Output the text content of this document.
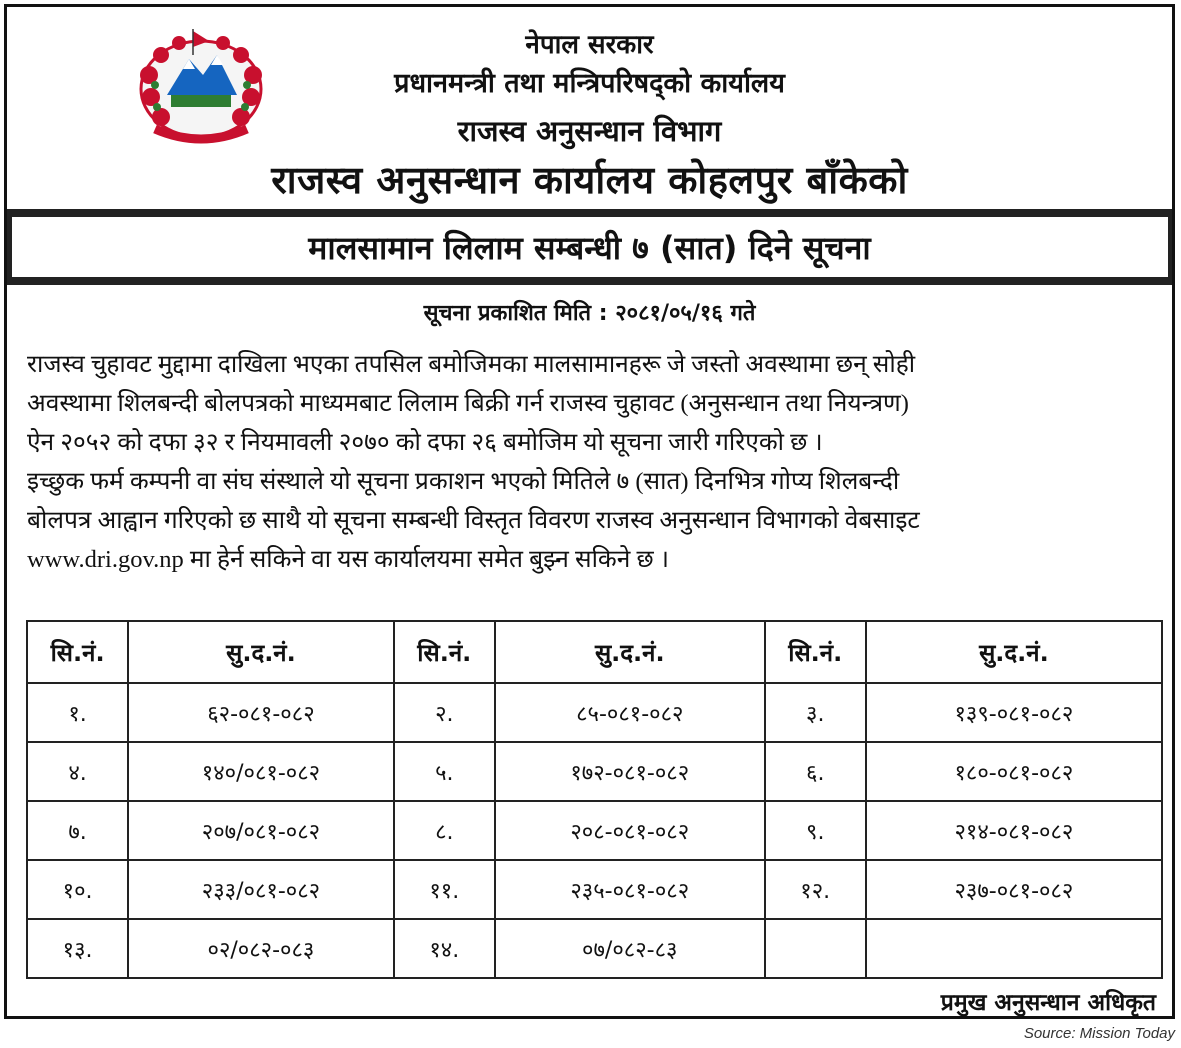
नेपाल सरकार
प्रधानमन्त्री तथा मन्त्रिपरिषद्को कार्यालय
राजस्व अनुसन्धान विभाग
राजस्व अनुसन्धान कार्यालय कोहलपुर बाँकेको
मालसामान लिलाम सम्बन्धी ७ (सात) दिने सूचना
सूचना प्रकाशित मिति : २०८१/०५/१६ गते

राजस्व चुहावट मुद्दामा दाखिला भएका तपसिल बमोजिमका मालसामानहरू जे जस्तो अवस्थामा छन् सोही

अवस्थामा शिलबन्दी बोलपत्रको माध्यमबाट लिलाम बिक्री गर्न राजस्व चुहावट (अनुसन्धान तथा नियन्त्रण)

ऐन २०५२ को दफा ३२ र नियमावली २०७० को दफा २६ बमोजिम यो सूचना जारी गरिएको छ ।

इच्छुक फर्म कम्पनी वा संघ संस्थाले यो सूचना प्रकाशन भएको मितिले ७ (सात) दिनभित्र गोप्य शिलबन्दी

बोलपत्र आह्वान गरिएको छ साथै यो सूचना सम्बन्धी विस्तृत विवरण राजस्व अनुसन्धान विभागको वेबसाइट

www.dri.gov.np मा हेर्न सकिने वा यस कार्यालयमा समेत बुझ्न सकिने छ ।

सि.नं.	सु.द.नं.	सि.नं.	सु.द.नं.	सि.नं.	सु.द.नं.
१.	६२-०८१-०८२	२.	८५-०८१-०८२	३.	१३९-०८१-०८२
४.	१४०/०८१-०८२	५.	१७२-०८१-०८२	६.	१८०-०८१-०८२
७.	२०७/०८१-०८२	८.	२०८-०८१-०८२	९.	२१४-०८१-०८२
१०.	२३३/०८१-०८२	११.	२३५-०८१-०८२	१२.	२३७-०८१-०८२
१३.	०२/०८२-०८३	१४.	०७/०८२-८३		
प्रमुख अनुसन्धान अधिकृत
Source: Mission Today
